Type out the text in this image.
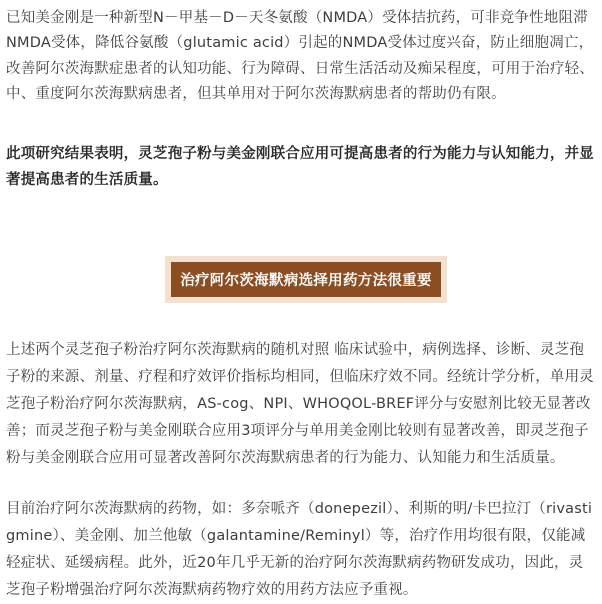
已知美金刚是一种新型N－甲基－D－天冬氨酸（NMDA）受体拮抗药，可非竞争性地阻滞NMDA受体，降低谷氨酸（glutamic acid）引起的NMDA受体过度兴奋，防止细胞凋亡，改善阿尔茨海默症患者的认知功能、行为障碍、日常生活活动及痴呆程度，可用于治疗轻、中、重度阿尔茨海默病患者，但其单用对于阿尔茨海默病患者的帮助仍有限。

此项研究结果表明，灵芝孢子粉与美金刚联合应用可提高患者的行为能力与认知能力，并显著提高患者的生活质量。

治疗阿尔茨海默病选择用药方法很重要

上述两个灵芝孢子粉治疗阿尔茨海默病的随机对照 临床试验中，病例选择、诊断、灵芝孢子粉的来源、剂量、疗程和疗效评价指标均相同，但临床疗效不同。经统计学分析，单用灵芝孢子粉治疗阿尔茨海默病，AS-cog、NPI、WHOQOL-BREF评分与安慰剂比较无显著改善；而灵芝孢子粉与美金刚联合应用3项评分与单用美金刚比较则有显著改善，即灵芝孢子粉与美金刚联合应用可显著改善阿尔茨海默病患者的行为能力、认知能力和生活质量。

目前治疗阿尔茨海默病的药物，如：多奈哌齐（donepezil）、利斯的明/卡巴拉汀（rivastigmine）、美金刚、加兰他敏（galantamine/Reminyl）等，治疗作用均很有限，仅能减轻症状、延缓病程。此外，近20年几乎无新的治疗阿尔茨海默病药物研发成功，因此，灵芝孢子粉增强治疗阿尔茨海默病药物疗效的用药方法应予重视。
